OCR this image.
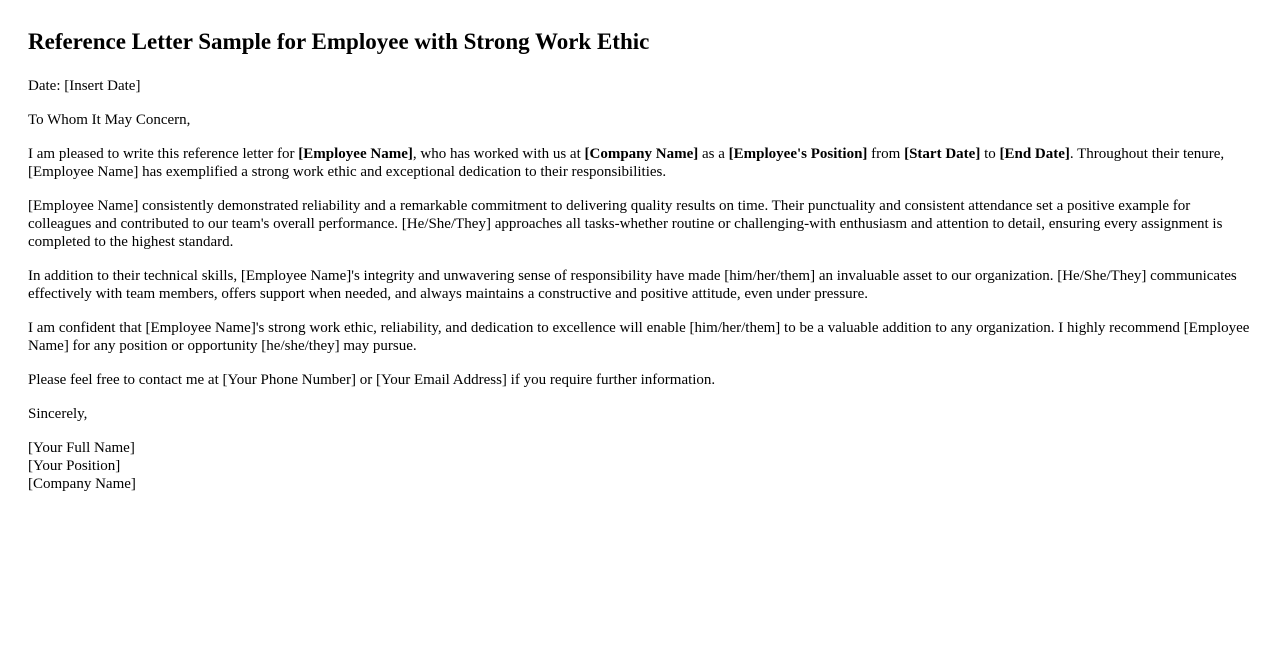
Reference Letter Sample for Employee with Strong Work Ethic

Date: [Insert Date]

To Whom It May Concern,

I am pleased to write this reference letter for [Employee Name], who has worked with us at [Company Name] as a [Employee's Position] from [Start Date] to [End Date]. Throughout their tenure, [Employee Name] has exemplified a strong work ethic and exceptional dedication to their responsibilities.

[Employee Name] consistently demonstrated reliability and a remarkable commitment to delivering quality results on time. Their punctuality and consistent attendance set a positive example for colleagues and contributed to our team's overall performance. [He/She/They] approaches all tasks-whether routine or challenging-with enthusiasm and attention to detail, ensuring every assignment is completed to the highest standard.

In addition to their technical skills, [Employee Name]'s integrity and unwavering sense of responsibility have made [him/her/them] an invaluable asset to our organization. [He/She/They] communicates effectively with team members, offers support when needed, and always maintains a constructive and positive attitude, even under pressure.

I am confident that [Employee Name]'s strong work ethic, reliability, and dedication to excellence will enable [him/her/them] to be a valuable addition to any organization. I highly recommend [Employee Name] for any position or opportunity [he/she/they] may pursue.

Please feel free to contact me at [Your Phone Number] or [Your Email Address] if you require further information.

Sincerely,

[Your Full Name]
[Your Position]
[Company Name]
